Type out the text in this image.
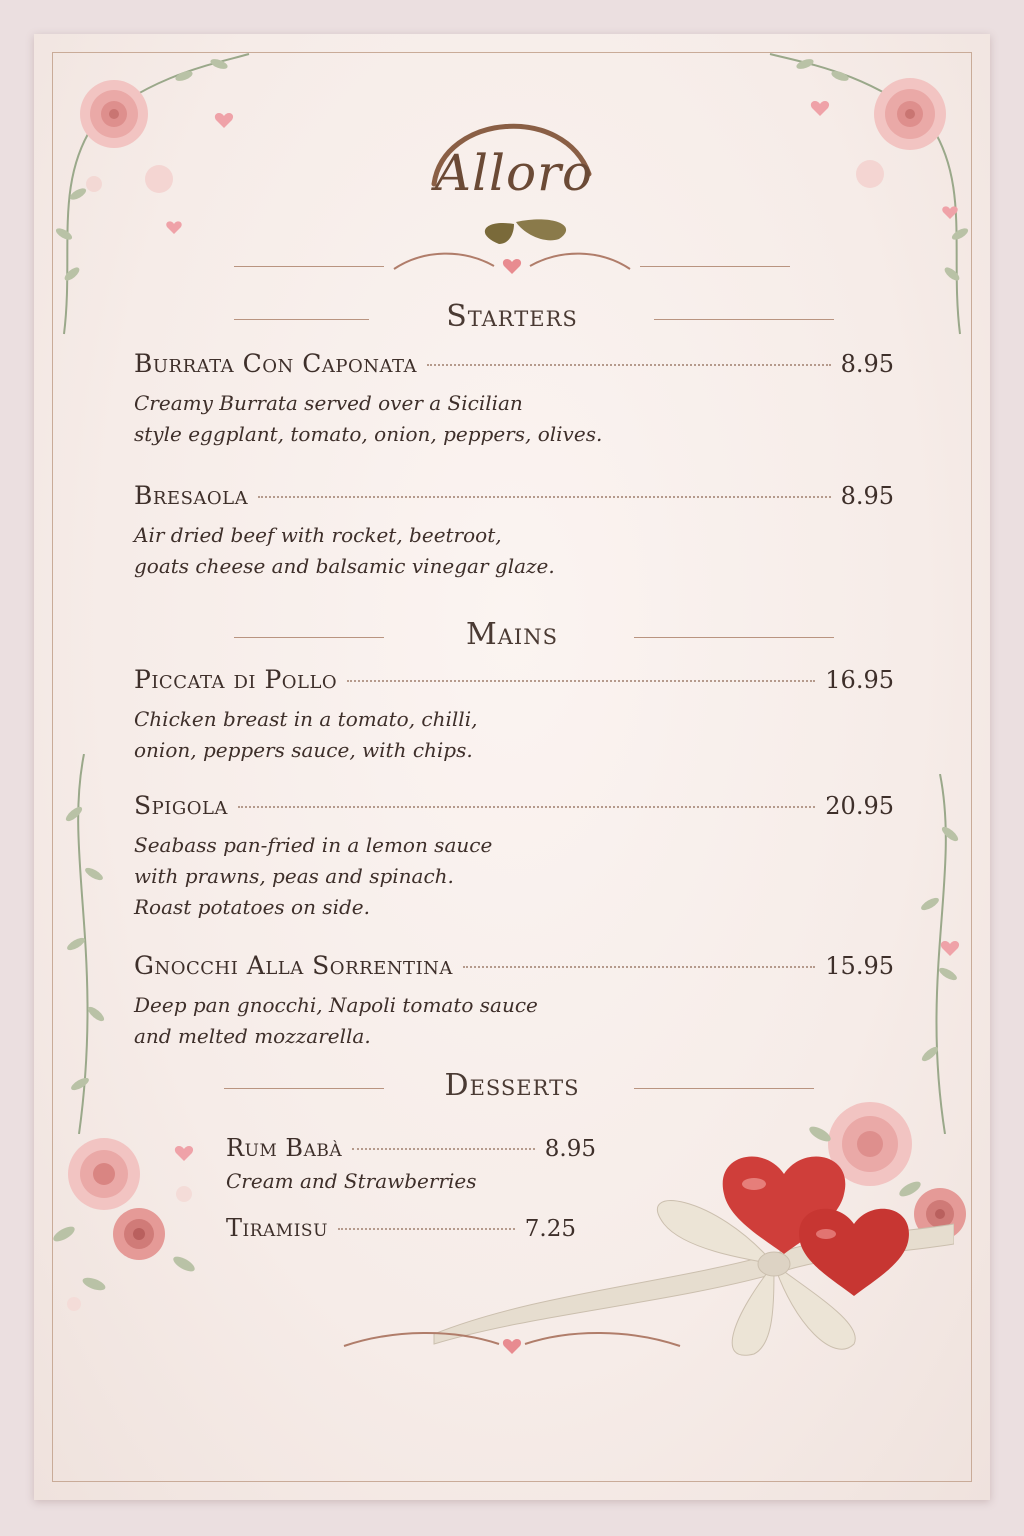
Alloro
Starters
Burrata Con Caponata	8.95
Creamy Burrata served over a Sicilian
style eggplant, tomato, onion, peppers, olives.
Bresaola	8.95
Air dried beef with rocket, beetroot,
goats cheese and balsamic vinegar glaze.
Mains
Piccata di Pollo	16.95
Chicken breast in a tomato, chilli,
onion, peppers sauce, with chips.
Spigola	20.95
Seabass pan-fried in a lemon sauce
with prawns, peas and spinach.
Roast potatoes on side.
Gnocchi Alla Sorrentina	15.95
Deep pan gnocchi, Napoli tomato sauce
and melted mozzarella.
Desserts
Rum Babà	8.95
Cream and Strawberries
Tiramisu	7.25
